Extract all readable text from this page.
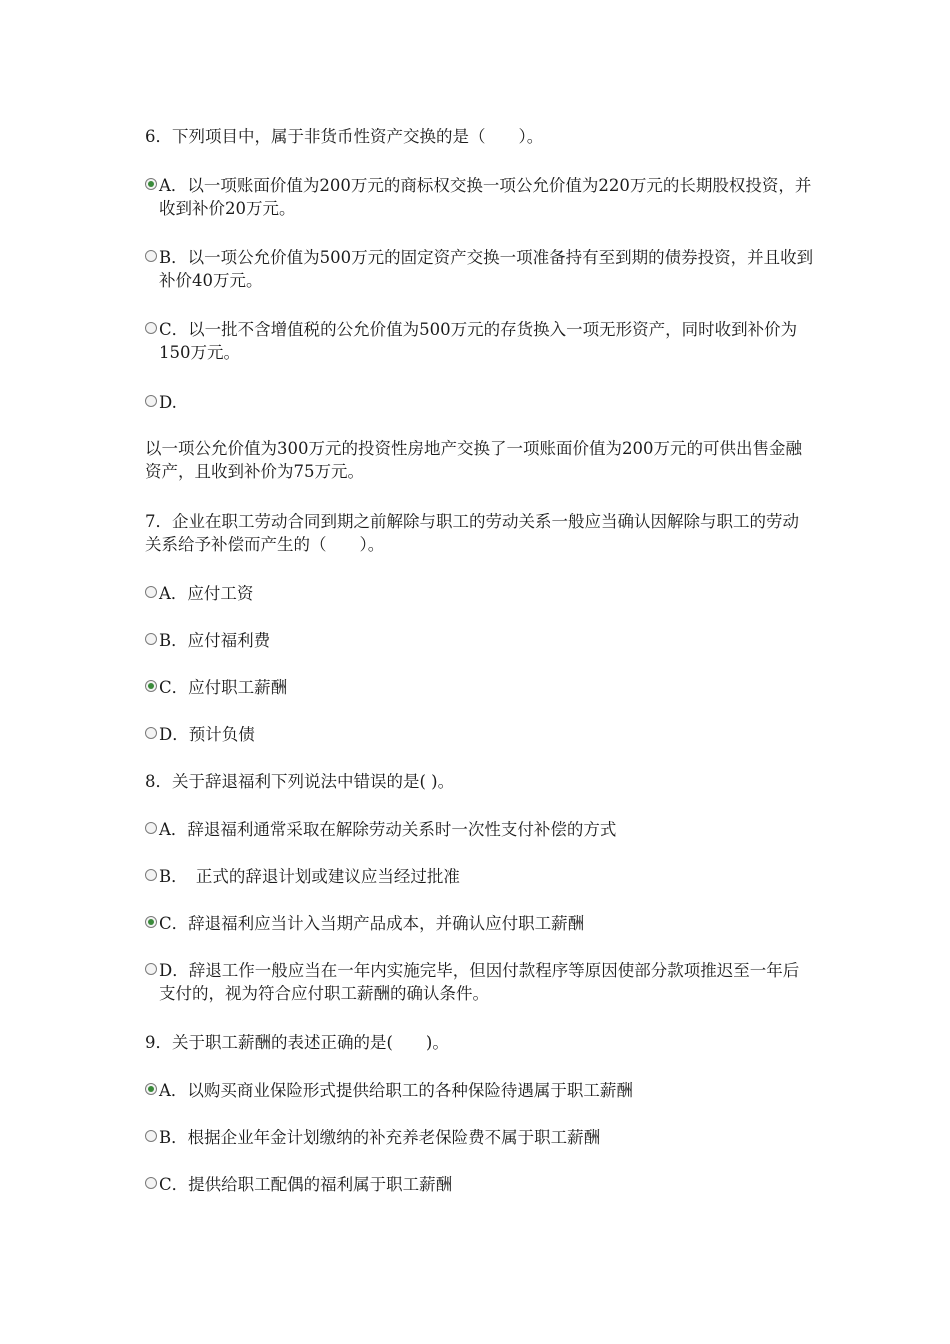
6．下列项目中，属于非货币性资产交换的是（　　）。

A．以一项账面价值为200万元的商标权交换一项公允价值为220万元的长期股权投资，并收到补价20万元。
B．以一项公允价值为500万元的固定资产交换一项准备持有至到期的债券投资，并且收到补价40万元。
C．以一批不含增值税的公允价值为500万元的存货换入一项无形资产，同时收到补价为150万元。
D.
以一项公允价值为300万元的投资性房地产交换了一项账面价值为200万元的可供出售金融资产，且收到补价为75万元。

7．企业在职工劳动合同到期之前解除与职工的劳动关系一般应当确认因解除与职工的劳动关系给予补偿而产生的（　　）。

A．应付工资
B．应付福利费
C．应付职工薪酬
D．预计负债

8．关于辞退福利下列说法中错误的是( )。

A．辞退福利通常采取在解除劳动关系时一次性支付补偿的方式
B．　正式的辞退计划或建议应当经过批准
C．辞退福利应当计入当期产品成本，并确认应付职工薪酬
D．辞退工作一般应当在一年内实施完毕，但因付款程序等原因使部分款项推迟至一年后支付的，视为符合应付职工薪酬的确认条件。

9．关于职工薪酬的表述正确的是(　　)。

A．以购买商业保险形式提供给职工的各种保险待遇属于职工薪酬
B．根据企业年金计划缴纳的补充养老保险费不属于职工薪酬
C．提供给职工配偶的福利属于职工薪酬
